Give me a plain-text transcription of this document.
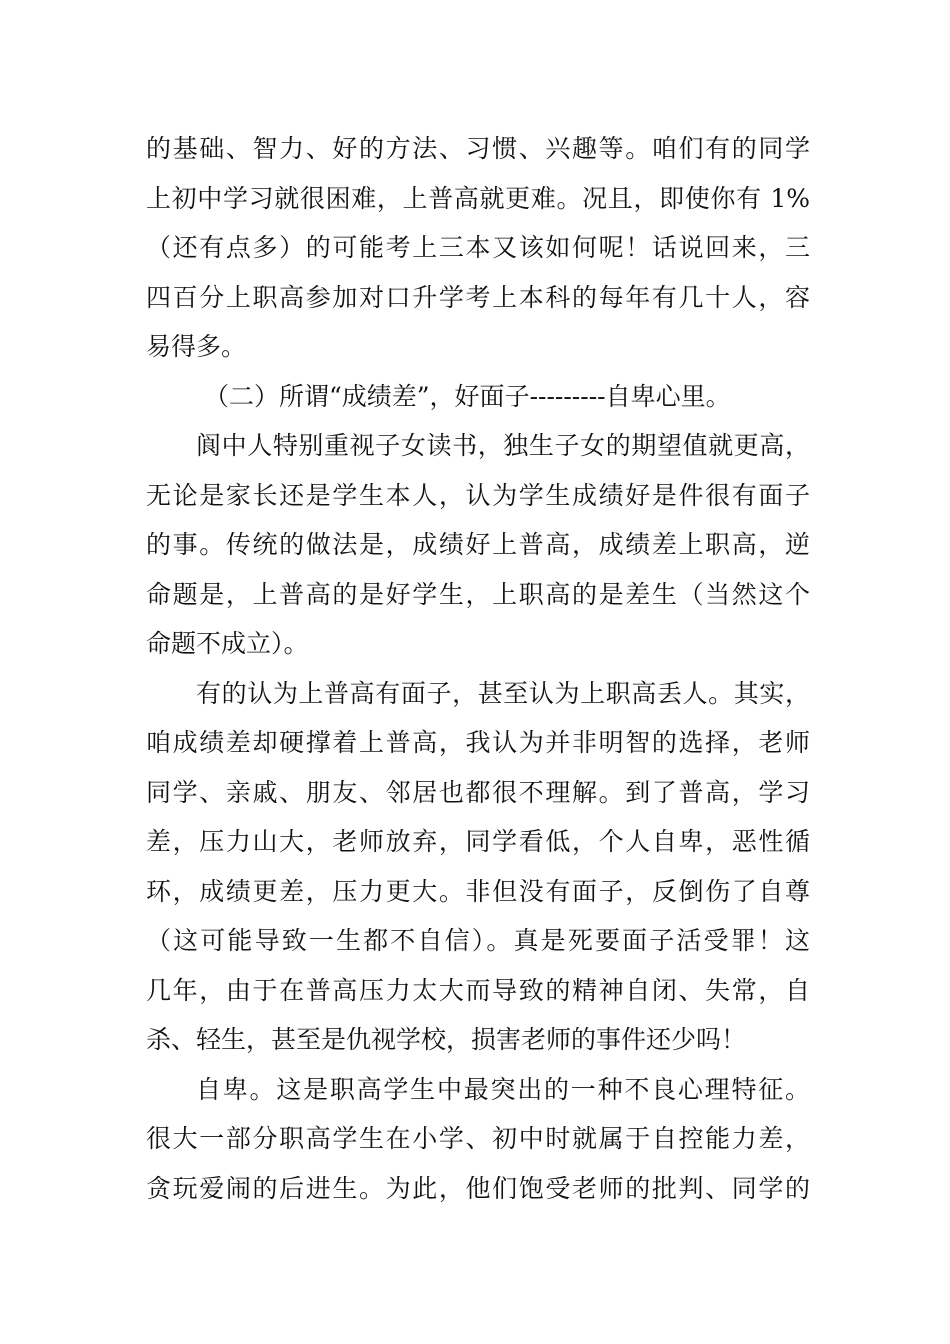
的基础、智力、好的方法、习惯、兴趣等。咱们有的同学
上初中学习就很困难，上普高就更难。况且，即使你有 1%
（还有点多）的可能考上三本又该如何呢！话说回来，三
四百分上职高参加对口升学考上本科的每年有几十人，容
易得多。
（二）所谓“成绩差”，好面子---------自卑心里。
阆中人特别重视子女读书，独生子女的期望值就更高，
无论是家长还是学生本人，认为学生成绩好是件很有面子
的事。传统的做法是，成绩好上普高，成绩差上职高，逆
命题是，上普高的是好学生，上职高的是差生（当然这个
命题不成立）。
有的认为上普高有面子，甚至认为上职高丢人。其实，
咱成绩差却硬撑着上普高，我认为并非明智的选择，老师
同学、亲戚、朋友、邻居也都很不理解。到了普高，学习
差，压力山大，老师放弃，同学看低，个人自卑，恶性循
环，成绩更差，压力更大。非但没有面子，反倒伤了自尊
（这可能导致一生都不自信）。真是死要面子活受罪！这
几年，由于在普高压力太大而导致的精神自闭、失常，自
杀、轻生，甚至是仇视学校，损害老师的事件还少吗！
自卑。这是职高学生中最突出的一种不良心理特征。
很大一部分职高学生在小学、初中时就属于自控能力差，
贪玩爱闹的后进生。为此，他们饱受老师的批判、同学的
